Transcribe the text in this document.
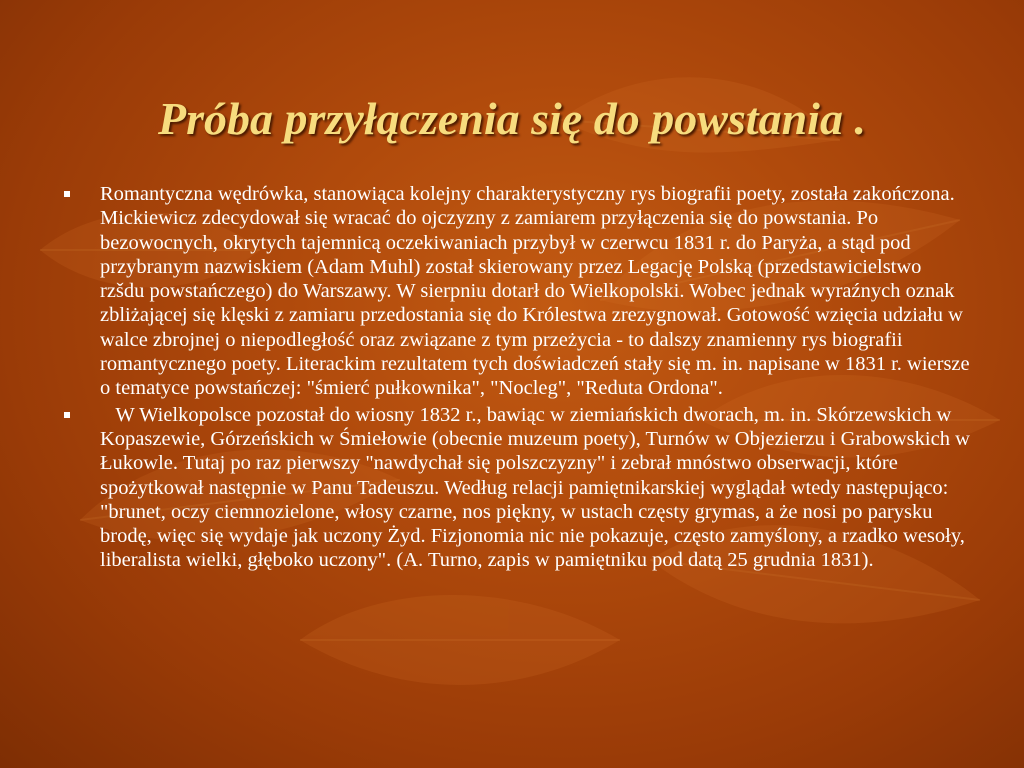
Próba przyłączenia się do powstania .
Romantyczna wędrówka, stanowiąca kolejny charakterystyczny rys biografii poety, została zakończona. Mickiewicz zdecydował się wracać do ojczyzny z zamiarem przyłączenia się do powstania. Po bezowocnych, okrytych tajemnicą oczekiwaniach przybył w czerwcu 1831 r. do Paryża, a stąd pod przybranym nazwiskiem (Adam Muhl) został skierowany przez Legację Polską (przedstawicielstwo rzšdu powstańczego) do Warszawy. W sierpniu dotarł do Wielkopolski. Wobec jednak wyraźnych oznak zbliżającej się klęski z zamiaru przedostania się do Królestwa zrezygnował. Gotowość wzięcia udziału w walce zbrojnej o niepodległość oraz związane z tym przeżycia - to dalszy znamienny rys biografii romantycznego poety. Literackim rezultatem tych doświadczeń stały się m. in. napisane w 1831 r. wiersze o tematyce powstańczej: "śmierć pułkownika", "Nocleg", "Reduta Ordona".
W Wielkopolsce pozostał do wiosny 1832 r., bawiąc w ziemiańskich dworach, m. in. Skórzewskich w Kopaszewie, Górzeńskich w Śmiełowie (obecnie muzeum poety), Turnów w Objezierzu i Grabowskich w Łukowle. Tutaj po raz pierwszy "nawdychał się polszczyzny" i zebrał mnóstwo obserwacji, które spożytkował następnie w Panu Tadeuszu. Według relacji pamiętnikarskiej wyglądał wtedy następująco: "brunet, oczy ciemnozielone, włosy czarne, nos piękny, w ustach częsty grymas, a że nosi po parysku brodę, więc się wydaje jak uczony Żyd. Fizjonomia nic nie pokazuje, często zamyślony, a rzadko wesoły, liberalista wielki, głęboko uczony". (A. Turno, zapis w pamiętniku pod datą 25 grudnia 1831).
